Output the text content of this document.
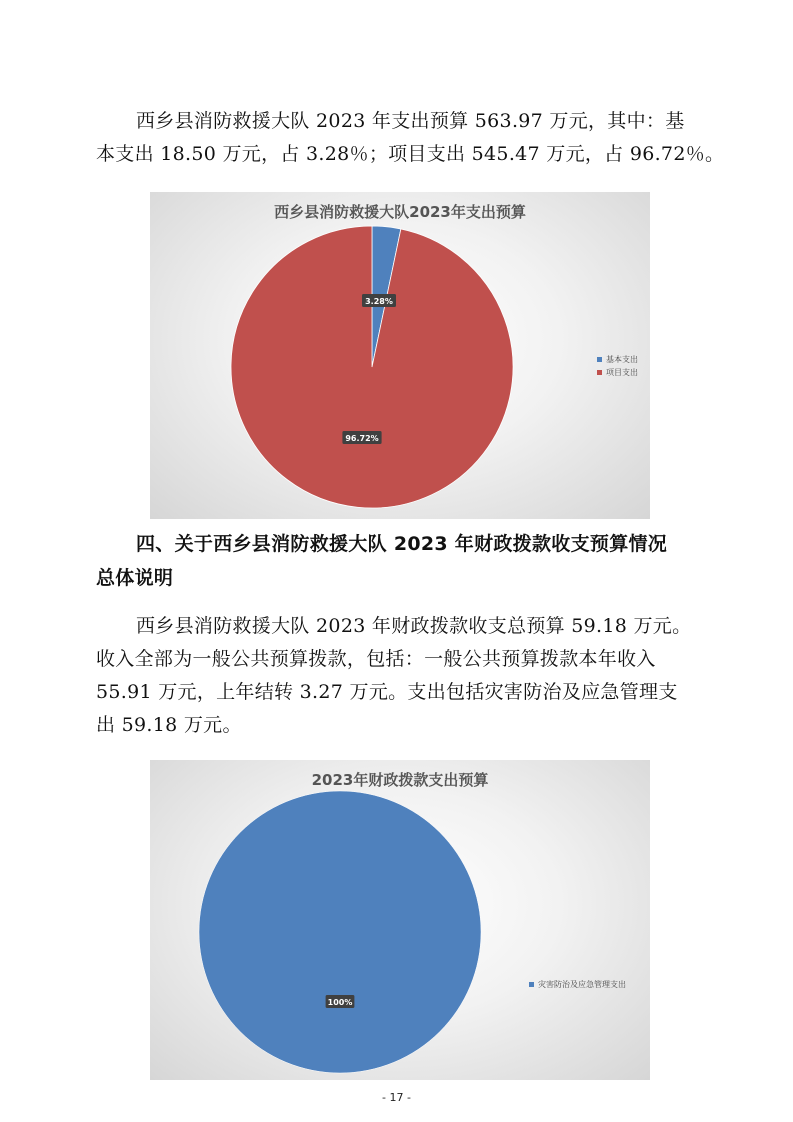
西乡县消防救援大队 2023 年支出预算 563.97 万元，其中：基
本支出 18.50 万元，占 3.28％；项目支出 545.47 万元，占 96.72％。

西乡县消防救援大队2023年支出预算
3.28%
96.72%
基本支出
项目支出
四、关于西乡县消防救援大队 2023 年财政拨款收支预算情况
总体说明

西乡县消防救援大队 2023 年财政拨款收支总预算 59.18 万元。
收入全部为一般公共预算拨款，包括：一般公共预算拨款本年收入
55.91 万元，上年结转 3.27 万元。支出包括灾害防治及应急管理支
出 59.18 万元。

2023年财政拨款支出预算
100%
灾害防治及应急管理支出
- 17 -
